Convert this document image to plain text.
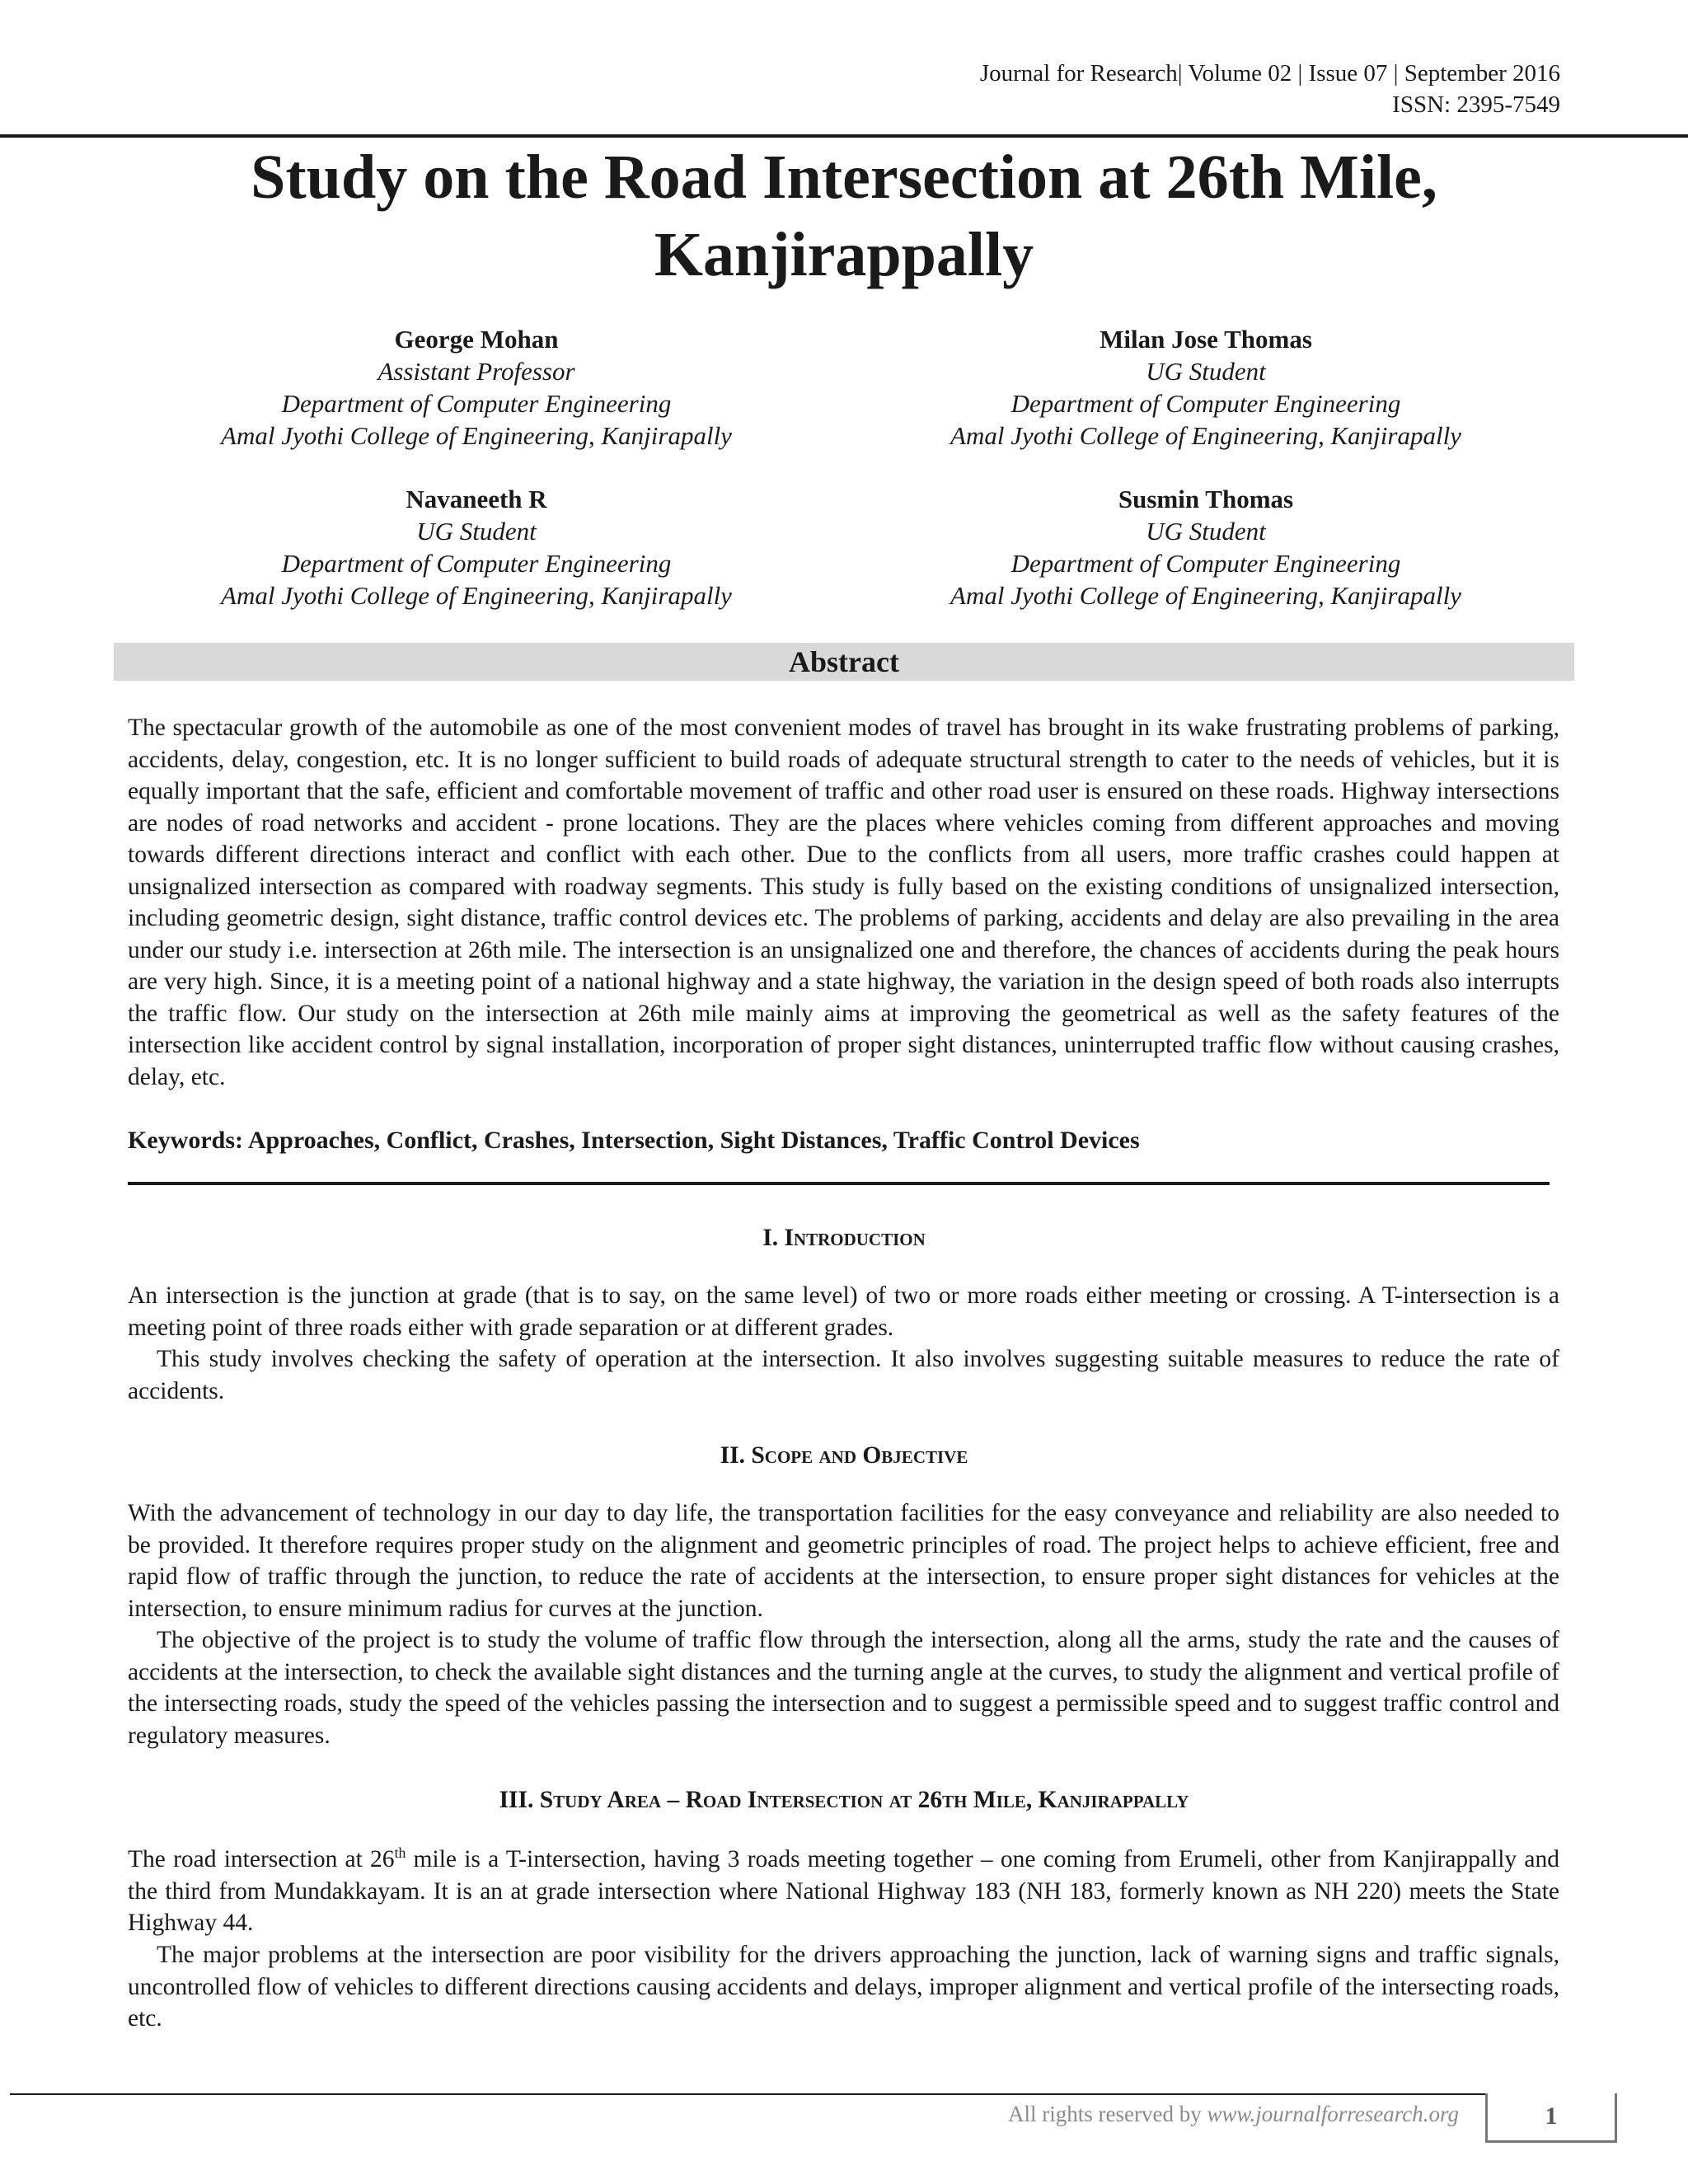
Journal for Research| Volume 02 | Issue 07 | September 2016
ISSN: 2395-7549
Study on the Road Intersection at 26th Mile,
Kanjirappally
George Mohan
Assistant Professor
Department of Computer Engineering
Amal Jyothi College of Engineering, Kanjirapally
Milan Jose Thomas
UG Student
Department of Computer Engineering
Amal Jyothi College of Engineering, Kanjirapally
Navaneeth R
UG Student
Department of Computer Engineering
Amal Jyothi College of Engineering, Kanjirapally
Susmin Thomas
UG Student
Department of Computer Engineering
Amal Jyothi College of Engineering, Kanjirapally
Abstract

The spectacular growth of the automobile as one of the most convenient modes of travel has brought in its wake frustrating problems of parking, accidents, delay, congestion, etc. It is no longer sufficient to build roads of adequate structural strength to cater to the needs of vehicles, but it is equally important that the safe, efficient and comfortable movement of traffic and other road user is ensured on these roads. Highway intersections are nodes of road networks and accident - prone locations. They are the places where vehicles coming from different approaches and moving towards different directions interact and conflict with each other. Due to the conflicts from all users, more traffic crashes could happen at unsignalized intersection as compared with roadway segments. This study is fully based on the existing conditions of unsignalized intersection, including geometric design, sight distance, traffic control devices etc. The problems of parking, accidents and delay are also prevailing in the area under our study i.e. intersection at 26th mile. The intersection is an unsignalized one and therefore, the chances of accidents during the peak hours are very high. Since, it is a meeting point of a national highway and a state highway, the variation in the design speed of both roads also interrupts the traffic flow. Our study on the intersection at 26th mile mainly aims at improving the geometrical as well as the safety features of the intersection like accident control by signal installation, incorporation of proper sight distances, uninterrupted traffic flow without causing crashes, delay, etc.

Keywords: Approaches, Conflict, Crashes, Intersection, Sight Distances, Traffic Control Devices
I. Introduction

An intersection is the junction at grade (that is to say, on the same level) of two or more roads either meeting or crossing. A T-intersection is a meeting point of three roads either with grade separation or at different grades.

This study involves checking the safety of operation at the intersection. It also involves suggesting suitable measures to reduce the rate of accidents.

II. Scope and Objective

With the advancement of technology in our day to day life, the transportation facilities for the easy conveyance and reliability are also needed to be provided. It therefore requires proper study on the alignment and geometric principles of road. The project helps to achieve efficient, free and rapid flow of traffic through the junction, to reduce the rate of accidents at the intersection, to ensure proper sight distances for vehicles at the intersection, to ensure minimum radius for curves at the junction.

The objective of the project is to study the volume of traffic flow through the intersection, along all the arms, study the rate and the causes of accidents at the intersection, to check the available sight distances and the turning angle at the curves, to study the alignment and vertical profile of the intersecting roads, study the speed of the vehicles passing the intersection and to suggest a permissible speed and to suggest traffic control and regulatory measures.

III. Study Area – Road Intersection at 26th Mile, Kanjirappally

The road intersection at 26th mile is a T-intersection, having 3 roads meeting together – one coming from Erumeli, other from Kanjirappally and the third from Mundakkayam. It is an at grade intersection where National Highway 183 (NH 183, formerly known as NH 220) meets the State Highway 44.

The major problems at the intersection are poor visibility for the drivers approaching the junction, lack of warning signs and traffic signals, uncontrolled flow of vehicles to different directions causing accidents and delays, improper alignment and vertical profile of the intersecting roads, etc.

All rights reserved by www.journalforresearch.org	1
